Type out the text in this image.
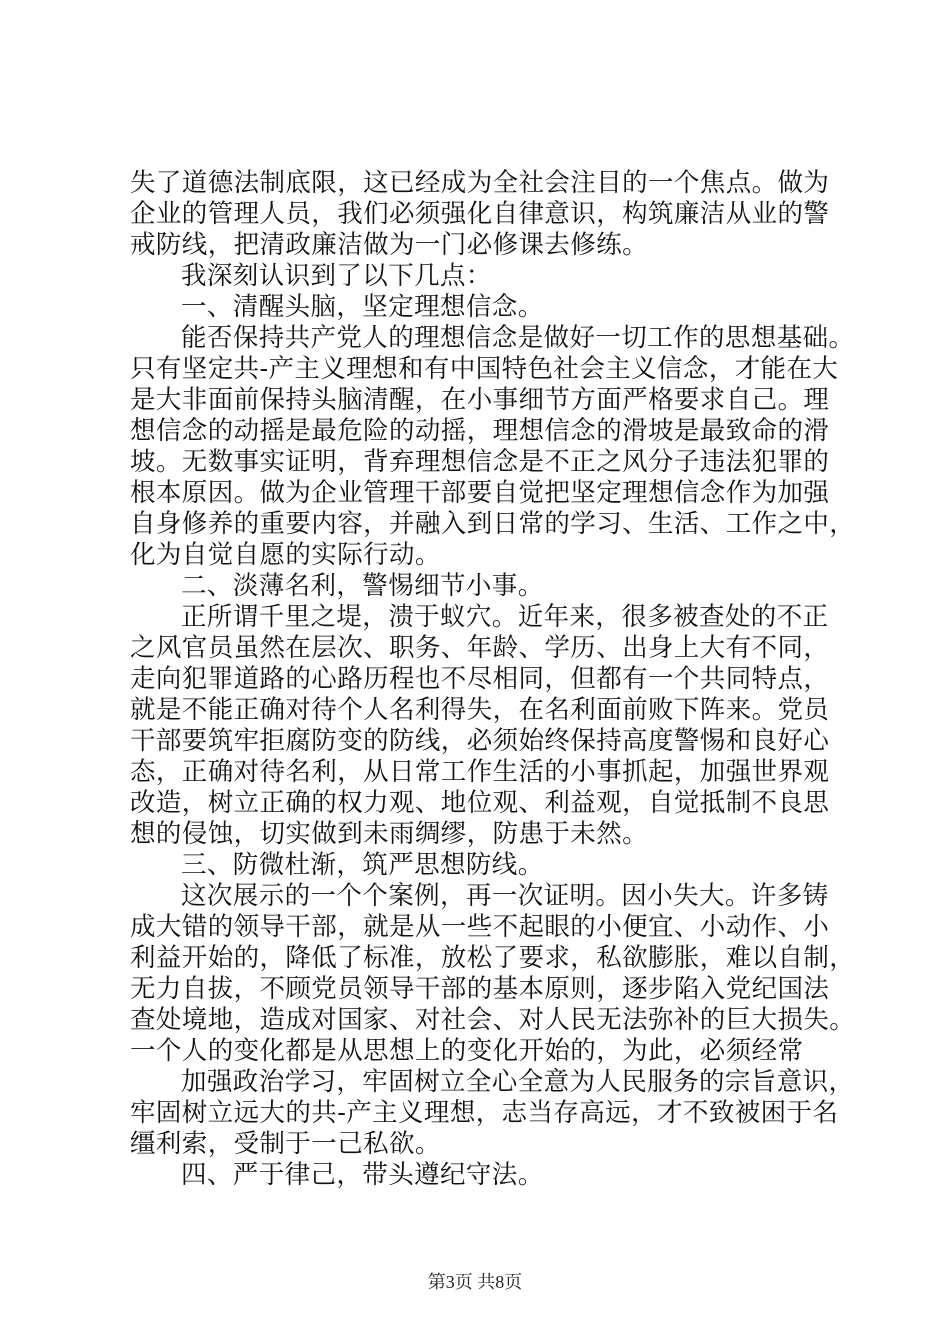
失了道德法制底限，这已经成为全社会注目的一个焦点。做为
企业的管理人员，我们必须强化自律意识，构筑廉洁从业的警
戒防线，把清政廉洁做为一门必修课去修练。
我深刻认识到了以下几点：
一、清醒头脑，坚定理想信念。
能否保持共产党人的理想信念是做好一切工作的思想基础。
只有坚定共-产主义理想和有中国特色社会主义信念，才能在大
是大非面前保持头脑清醒，在小事细节方面严格要求自己。理
想信念的动摇是最危险的动摇，理想信念的滑坡是最致命的滑
坡。无数事实证明，背弃理想信念是不正之风分子违法犯罪的
根本原因。做为企业管理干部要自觉把坚定理想信念作为加强
自身修养的重要内容，并融入到日常的学习、生活、工作之中，
化为自觉自愿的实际行动。
二、淡薄名利，警惕细节小事。
正所谓千里之堤，溃于蚁穴。近年来，很多被查处的不正
之风官员虽然在层次、职务、年龄、学历、出身上大有不同，
走向犯罪道路的心路历程也不尽相同，但都有一个共同特点，
就是不能正确对待个人名利得失，在名利面前败下阵来。党员
干部要筑牢拒腐防变的防线，必须始终保持高度警惕和良好心
态，正确对待名利，从日常工作生活的小事抓起，加强世界观
改造，树立正确的权力观、地位观、利益观，自觉抵制不良思
想的侵蚀，切实做到未雨绸缪，防患于未然。
三、防微杜渐，筑严思想防线。
这次展示的一个个案例，再一次证明。因小失大。许多铸
成大错的领导干部，就是从一些不起眼的小便宜、小动作、小
利益开始的，降低了标准，放松了要求，私欲膨胀，难以自制，
无力自拔，不顾党员领导干部的基本原则，逐步陷入党纪国法
查处境地，造成对国家、对社会、对人民无法弥补的巨大损失。
一个人的变化都是从思想上的变化开始的，为此，必须经常
加强政治学习，牢固树立全心全意为人民服务的宗旨意识，
牢固树立远大的共-产主义理想，志当存高远，才不致被困于名
缰利索，受制于一己私欲。
四、严于律己，带头遵纪守法。
第3页 共8页
